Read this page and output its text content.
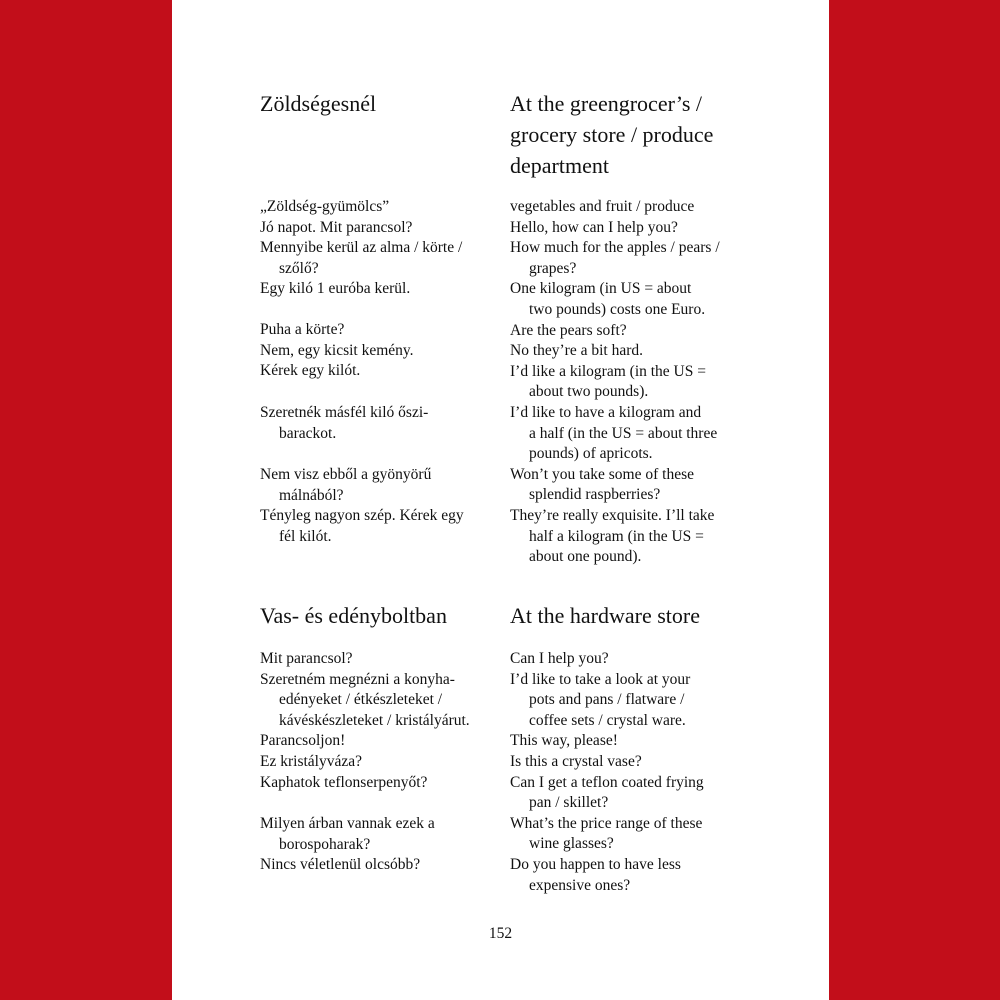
Zöldségesnél	At the greengrocer’s /
grocery store / produce
department
„Zöldség-gyümölcs”
Jó napot. Mit parancsol?
Mennyibe kerül az alma / körte /
szőlő?
Egy kiló 1 euróba kerül.
Puha a körte?
Nem, egy kicsit kemény.
Kérek egy kilót.
Szeretnék másfél kiló őszi-
barackot.
Nem visz ebből a gyönyörű
málnából?
Tényleg nagyon szép. Kérek egy
fél kilót.
vegetables and fruit / produce
Hello, how can I help you?
How much for the apples / pears /
grapes?
One kilogram (in US = about
two pounds) costs one Euro.
Are the pears soft?
No they’re a bit hard.
I’d like a kilogram (in the US =
about two pounds).
I’d like to have a kilogram and
a half (in the US = about three
pounds) of apricots.
Won’t you take some of these
splendid raspberries?
They’re really exquisite. I’ll take
half a kilogram (in the US =
about one pound).
Vas- és edényboltban	At the hardware store
Mit parancsol?
Szeretném megnézni a konyha-
edényeket / étkészleteket /
kávéskészleteket / kristályárut.
Parancsoljon!
Ez kristályváza?
Kaphatok teflonserpenyőt?
Milyen árban vannak ezek a
borospoharak?
Nincs véletlenül olcsóbb?
Can I help you?
I’d like to take a look at your
pots and pans / flatware /
coffee sets / crystal ware.
This way, please!
Is this a crystal vase?
Can I get a teflon coated frying
pan / skillet?
What’s the price range of these
wine glasses?
Do you happen to have less
expensive ones?
152
